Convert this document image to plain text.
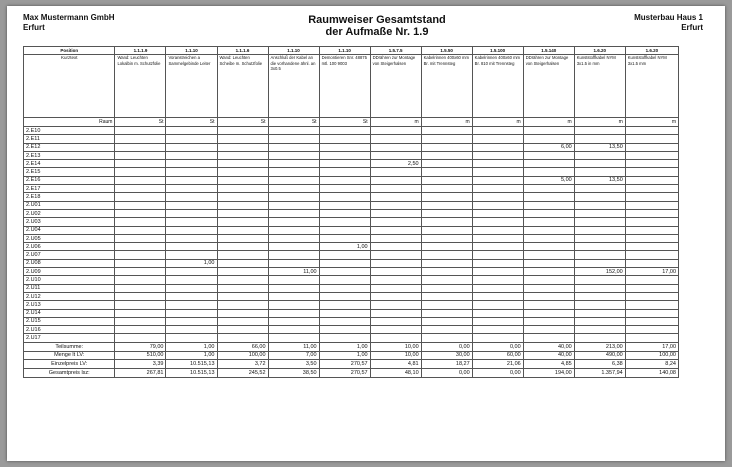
Max Mustermann GmbH
Erfurt
Raumweiser Gesamtstand
der Aufmaße Nr. 1.9
Musterbau Haus 1
Erfurt
Position	1.1.1.9	1.1.10	1.1.1.6	1.1.10	1.1.10	1.5.7.5	1.5.50	1.5.100	1.5.140	1.6.20	1.6.20
Kurztext	Wand: Leuchten Lokalbin m. Schutzfolie	Voranstreichen a Sammelgebinde Leiter	Wand: Leuchten Scheibe m. Schutzfolie	Anschluß der Kabel an die vorhandene ähnl. an 3x0.5	Demontieren Snr. 48875 mtl. 100 9003	DDrähren zur Montage von Steigerhalsen	Kabelrinnen 400x60 mm Br. mit Trennsteg	Kabelrinnen 400x60 mm Br. 810 mit Trennsteg	DDrähren zur Montage von Steigerhalsen	Kunststoffkabel NYM 3x1.5 in mm	Kunststoffkabel NYM 3x1.5 mm
Raum	St	St	St	St	St	m	m	m	m	m	m
2.E10											
2.E11											
2.E12									6,00	13,50	
2.E13											
2.E14						2,50					
2.E15											
2.E16									5,00	13,50	
2.E17											
2.E18											
2.U01											
2.U02											
2.U03											
2.U04											
2.U05											
2.U06					1,00						
2.U07											
2.U08		1,00									
2.U09				11,00						152,00	17,00
2.U10											
2.U11											
2.U12											
2.U13											
2.U14											
2.U15											
2.U16											
2.U17											
Teilsumme:	79,00	1,00	66,00	11,00	1,00	10,00	0,00	0,00	40,00	213,00	17,00
Menge lt LV:	510,00	1,00	100,00	7,00	1,00	10,00	30,00	60,00	40,00	490,00	100,00
Einzelpreis LV:	3,39	10.515,13	3,72	3,50	270,57	4,81	18,27	21,06	4,85	6,38	8,24
Gesamtpreis lsz:	267,81	10.515,13	245,52	38,50	270,57	48,10	0,00	0,00	194,00	1.357,94	140,08
